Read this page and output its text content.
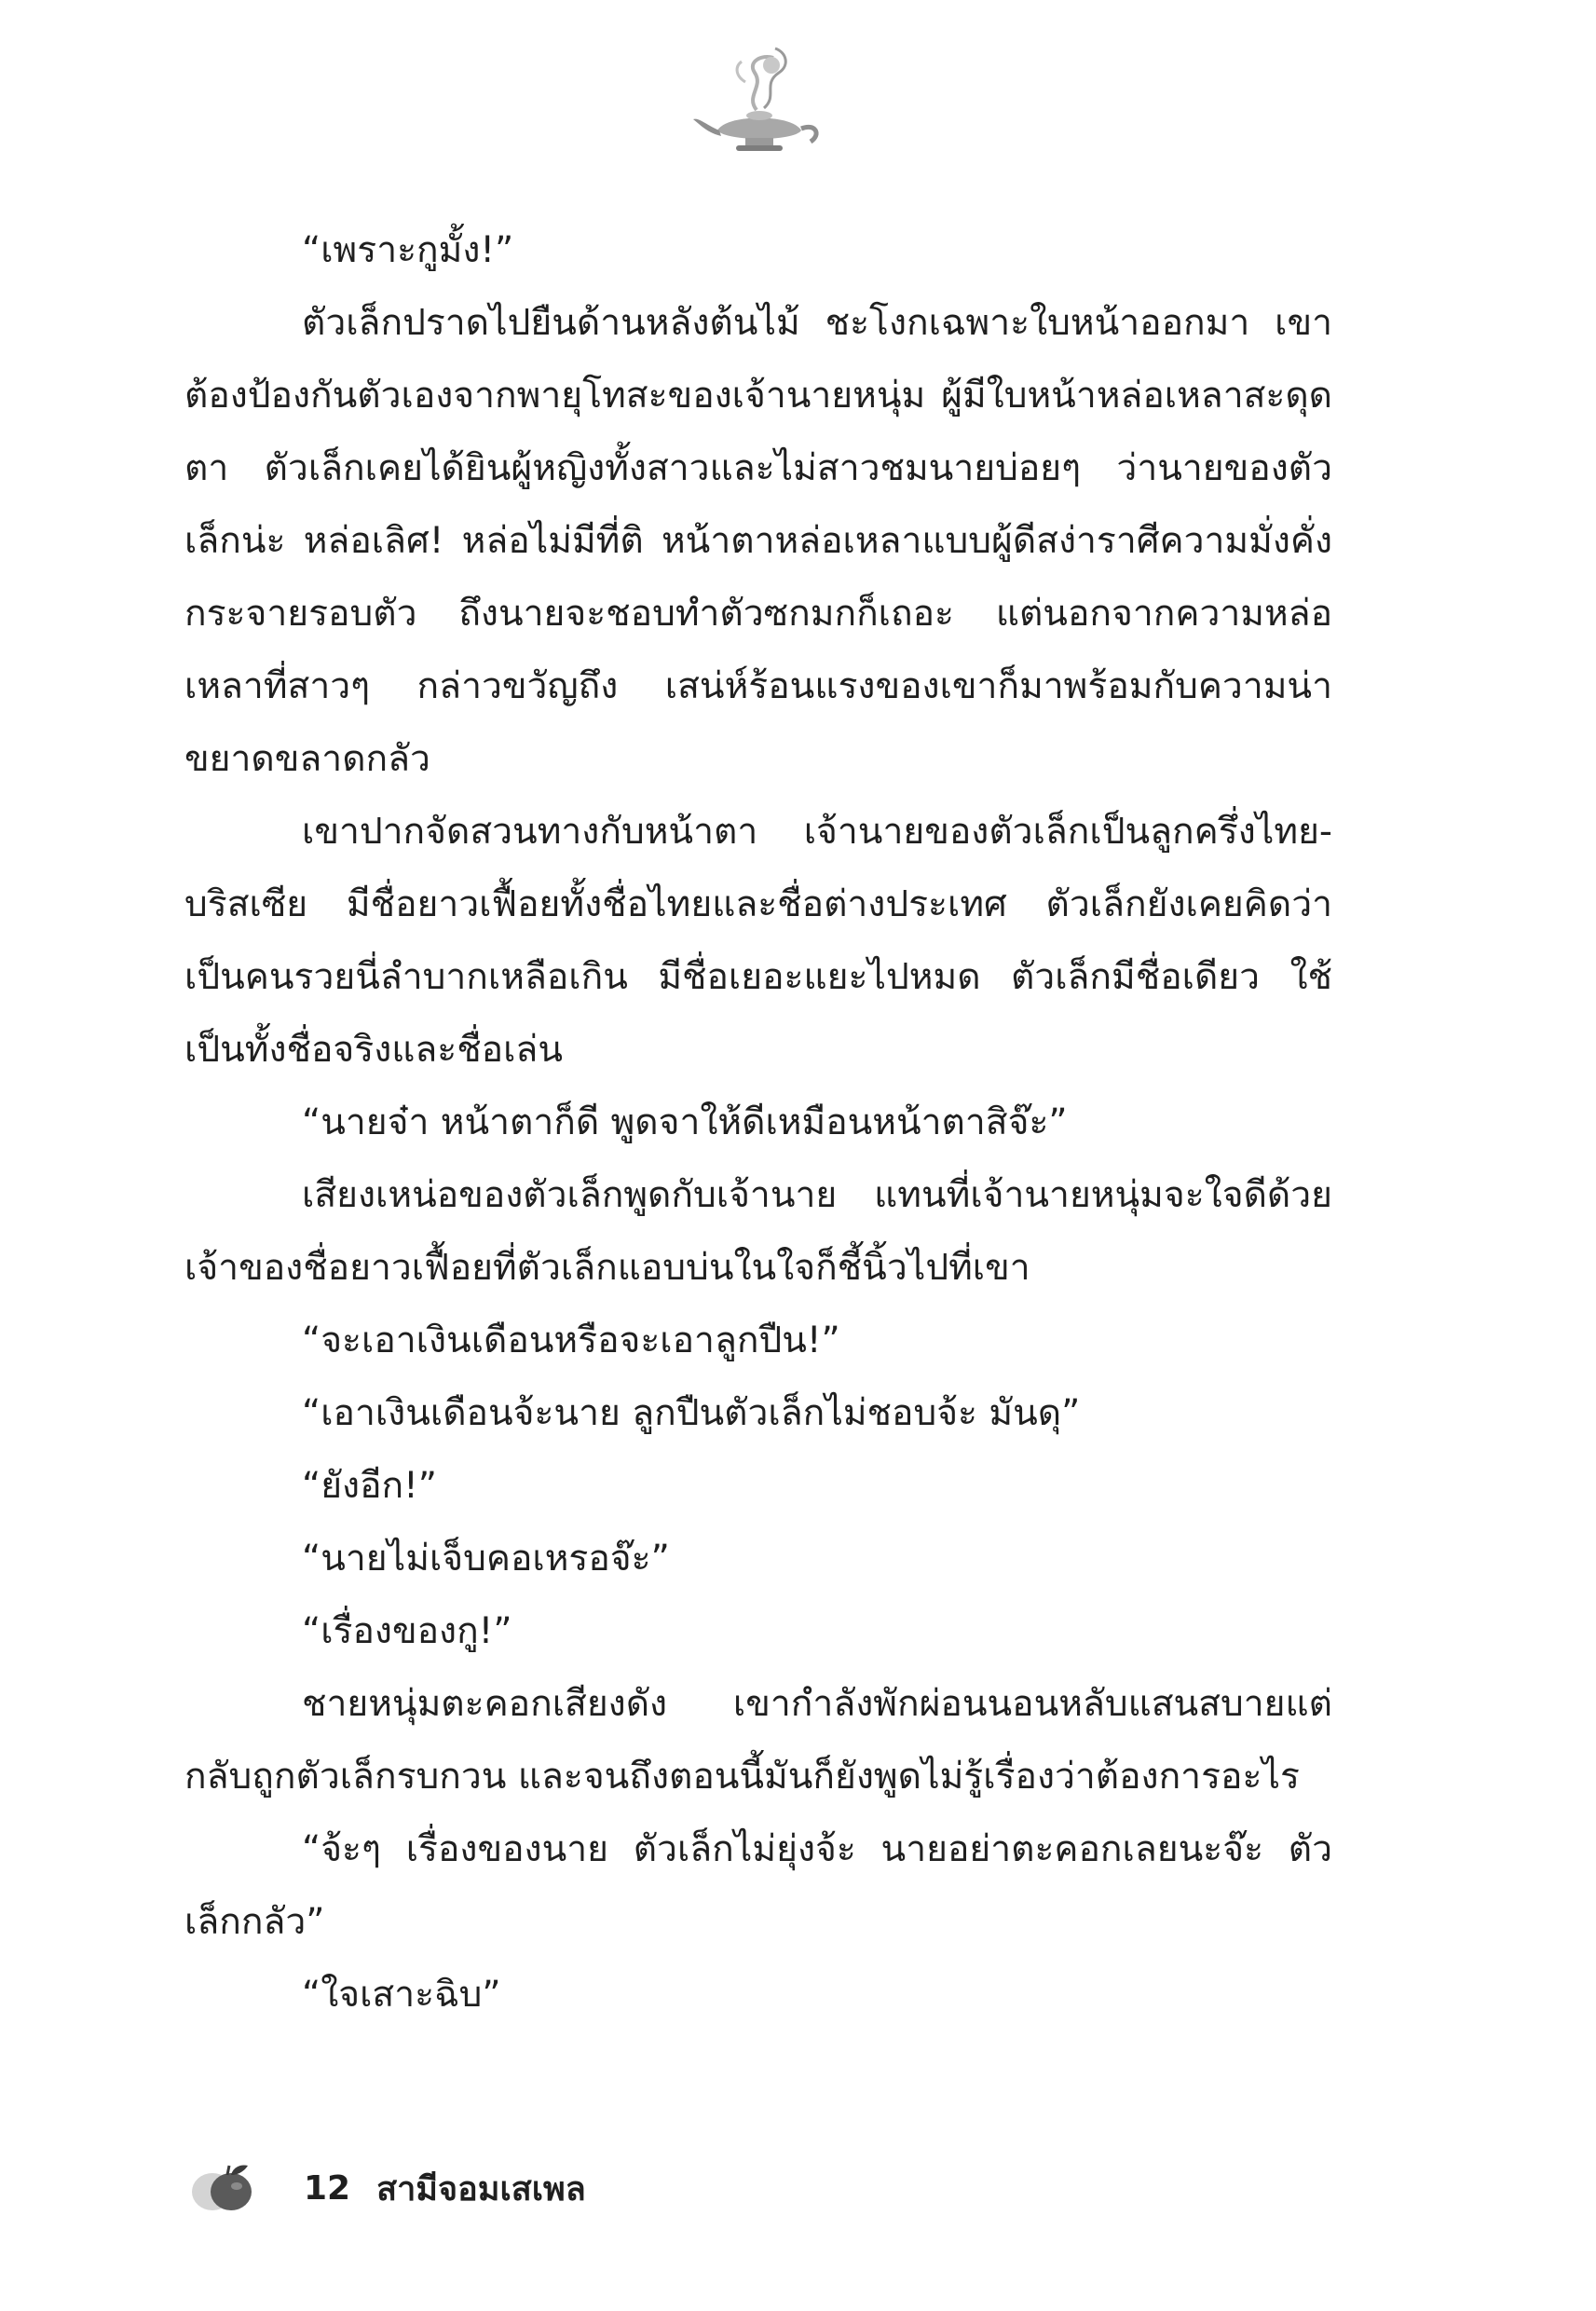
“เพราะกูมั้ง!”

ตัวเล็กปราดไปยืนด้านหลังต้นไม้ ชะโงกเฉพาะใบหน้าออกมา เขาต้องป้องกันตัวเองจากพายุโทสะของเจ้านายหนุ่ม ผู้มีใบหน้าหล่อเหลาสะดุดตา ตัวเล็กเคยได้ยินผู้หญิงทั้งสาวและไม่สาวชมนายบ่อยๆ ว่านายของตัวเล็กน่ะ หล่อเลิศ! หล่อไม่มีที่ติ หน้าตาหล่อเหลาแบบผู้ดีสง่าราศีความมั่งคั่งกระจายรอบตัว ถึงนายจะชอบทำตัวซกมกก็เถอะ แต่นอกจากความหล่อเหลาที่สาวๆ กล่าวขวัญถึง เสน่ห์ร้อนแรงของเขาก็มาพร้อมกับความน่าขยาดขลาดกลัว

เขาปากจัดสวนทางกับหน้าตา เจ้านายของตัวเล็กเป็นลูกครึ่งไทย-บริสเซีย มีชื่อยาวเฟื้อยทั้งชื่อไทยและชื่อต่างประเทศ ตัวเล็กยังเคยคิดว่าเป็นคนรวยนี่ลำบากเหลือเกิน มีชื่อเยอะแยะไปหมด ตัวเล็กมีชื่อเดียว ใช้เป็นทั้งชื่อจริงและชื่อเล่น

“นายจ๋า หน้าตาก็ดี พูดจาให้ดีเหมือนหน้าตาสิจ๊ะ”

เสียงเหน่อของตัวเล็กพูดกับเจ้านาย แทนที่เจ้านายหนุ่มจะใจดีด้วย เจ้าของชื่อยาวเฟื้อยที่ตัวเล็กแอบบ่นในใจก็ชี้นิ้วไปที่เขา

“จะเอาเงินเดือนหรือจะเอาลูกปืน!”

“เอาเงินเดือนจ้ะนาย ลูกปืนตัวเล็กไม่ชอบจ้ะ มันดุ”

“ยังอีก!”

“นายไม่เจ็บคอเหรอจ๊ะ”

“เรื่องของกู!”

ชายหนุ่มตะคอกเสียงดัง เขากำลังพักผ่อนนอนหลับแสนสบายแต่กลับถูกตัวเล็กรบกวน และจนถึงตอนนี้มันก็ยังพูดไม่รู้เรื่องว่าต้องการอะไร

“จ้ะๆ เรื่องของนาย ตัวเล็กไม่ยุ่งจ้ะ นายอย่าตะคอกเลยนะจ๊ะ ตัวเล็กกลัว”

“ใจเสาะฉิบ”

12 สามีจอมเสเพล
